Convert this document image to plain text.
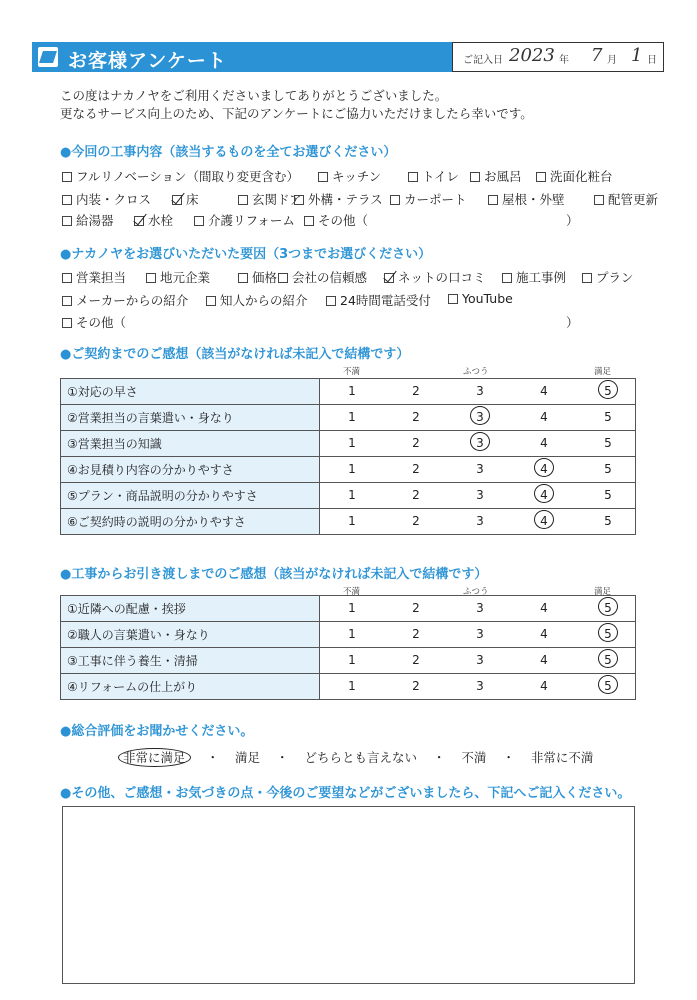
お客様アンケート	ご記入日 2023 年 7 月 1 日
この度はナカノヤをご利用くださいましてありがとうございました。
更なるサービス向上のため、下記のアンケートにご協力いただけましたら幸いです。
●今回の工事内容（該当するものを全てお選びください）
フルリノベーション（間取り変更含む）	キッチン	トイレ	お風呂	洗面化粧台
内装・クロス	床	玄関ドア 外構・テラス	カーポート	屋根・外壁	配管更新
給湯器	水栓	介護リフォーム	その他（	）
●ナカノヤをお選びいただいた要因（3つまでお選びください）
営業担当	地元企業	価格	会社の信頼感	ネットの口コミ	施工事例	プラン
メーカーからの紹介	知人からの紹介	24時間電話受付	YouTube
その他（	）
●ご契約までのご感想（該当がなければ未記入で結構です）
不満	ふつう	満足
①対応の早さ	1 2 3 4 5

②営業担当の言葉遣い・身なり	1 2 3 4 5

③営業担当の知識	1 2 3 4 5

④お見積り内容の分かりやすさ	1 2 3 4 5

⑤プラン・商品説明の分かりやすさ	1 2 3 4 5

⑥ご契約時の説明の分かりやすさ	1 2 3 4 5
●工事からお引き渡しまでのご感想（該当がなければ未記入で結構です）
不満	ふつう	満足
①近隣への配慮・挨拶	1 2 3 4 5

②職人の言葉遣い・身なり	1 2 3 4 5

③工事に伴う養生・清掃	1 2 3 4 5

④リフォームの仕上がり	1 2 3 4 5
●総合評価をお聞かせください。
非常に満足 ・ 満足 ・ どちらとも言えない ・ 不満 ・ 非常に不満
●その他、ご感想・お気づきの点・今後のご要望などがございましたら、下記へご記入ください。
